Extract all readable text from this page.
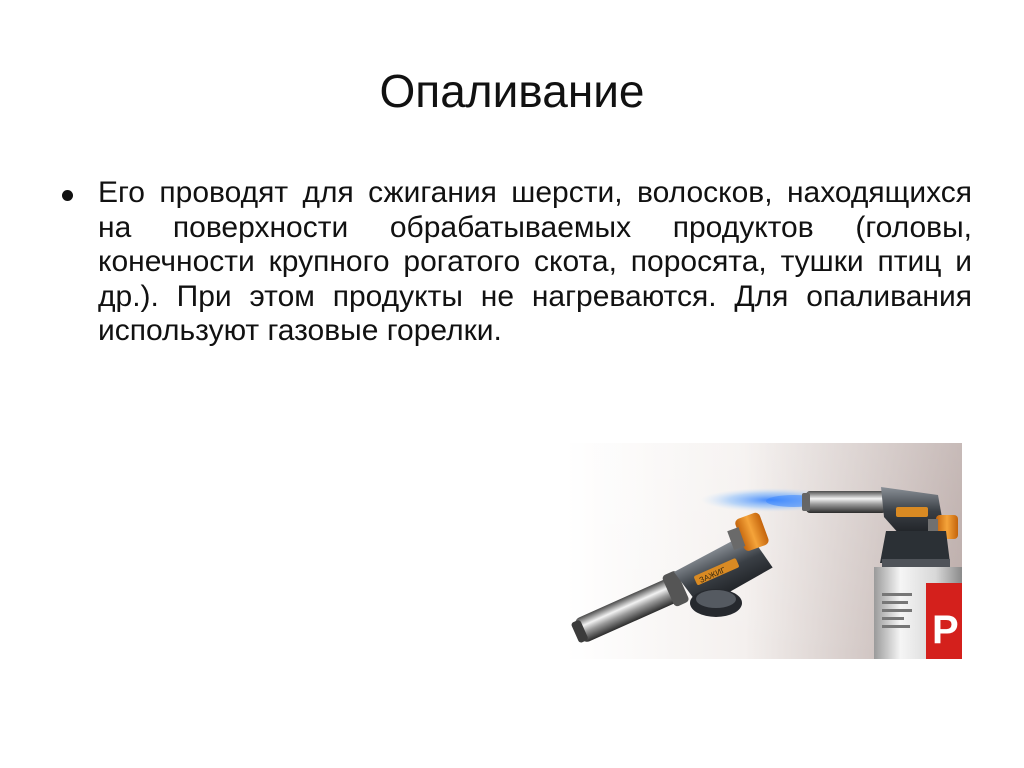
Опаливание
Его проводят для сжигания шерсти, волосков, находящихся на поверхности обрабатываемых продуктов (головы, конечности крупного рогатого скота, поросята, тушки птиц и др.). При этом продукты не нагреваются. Для опаливания используют газовые горелки.
P
ЗАЖИГ
